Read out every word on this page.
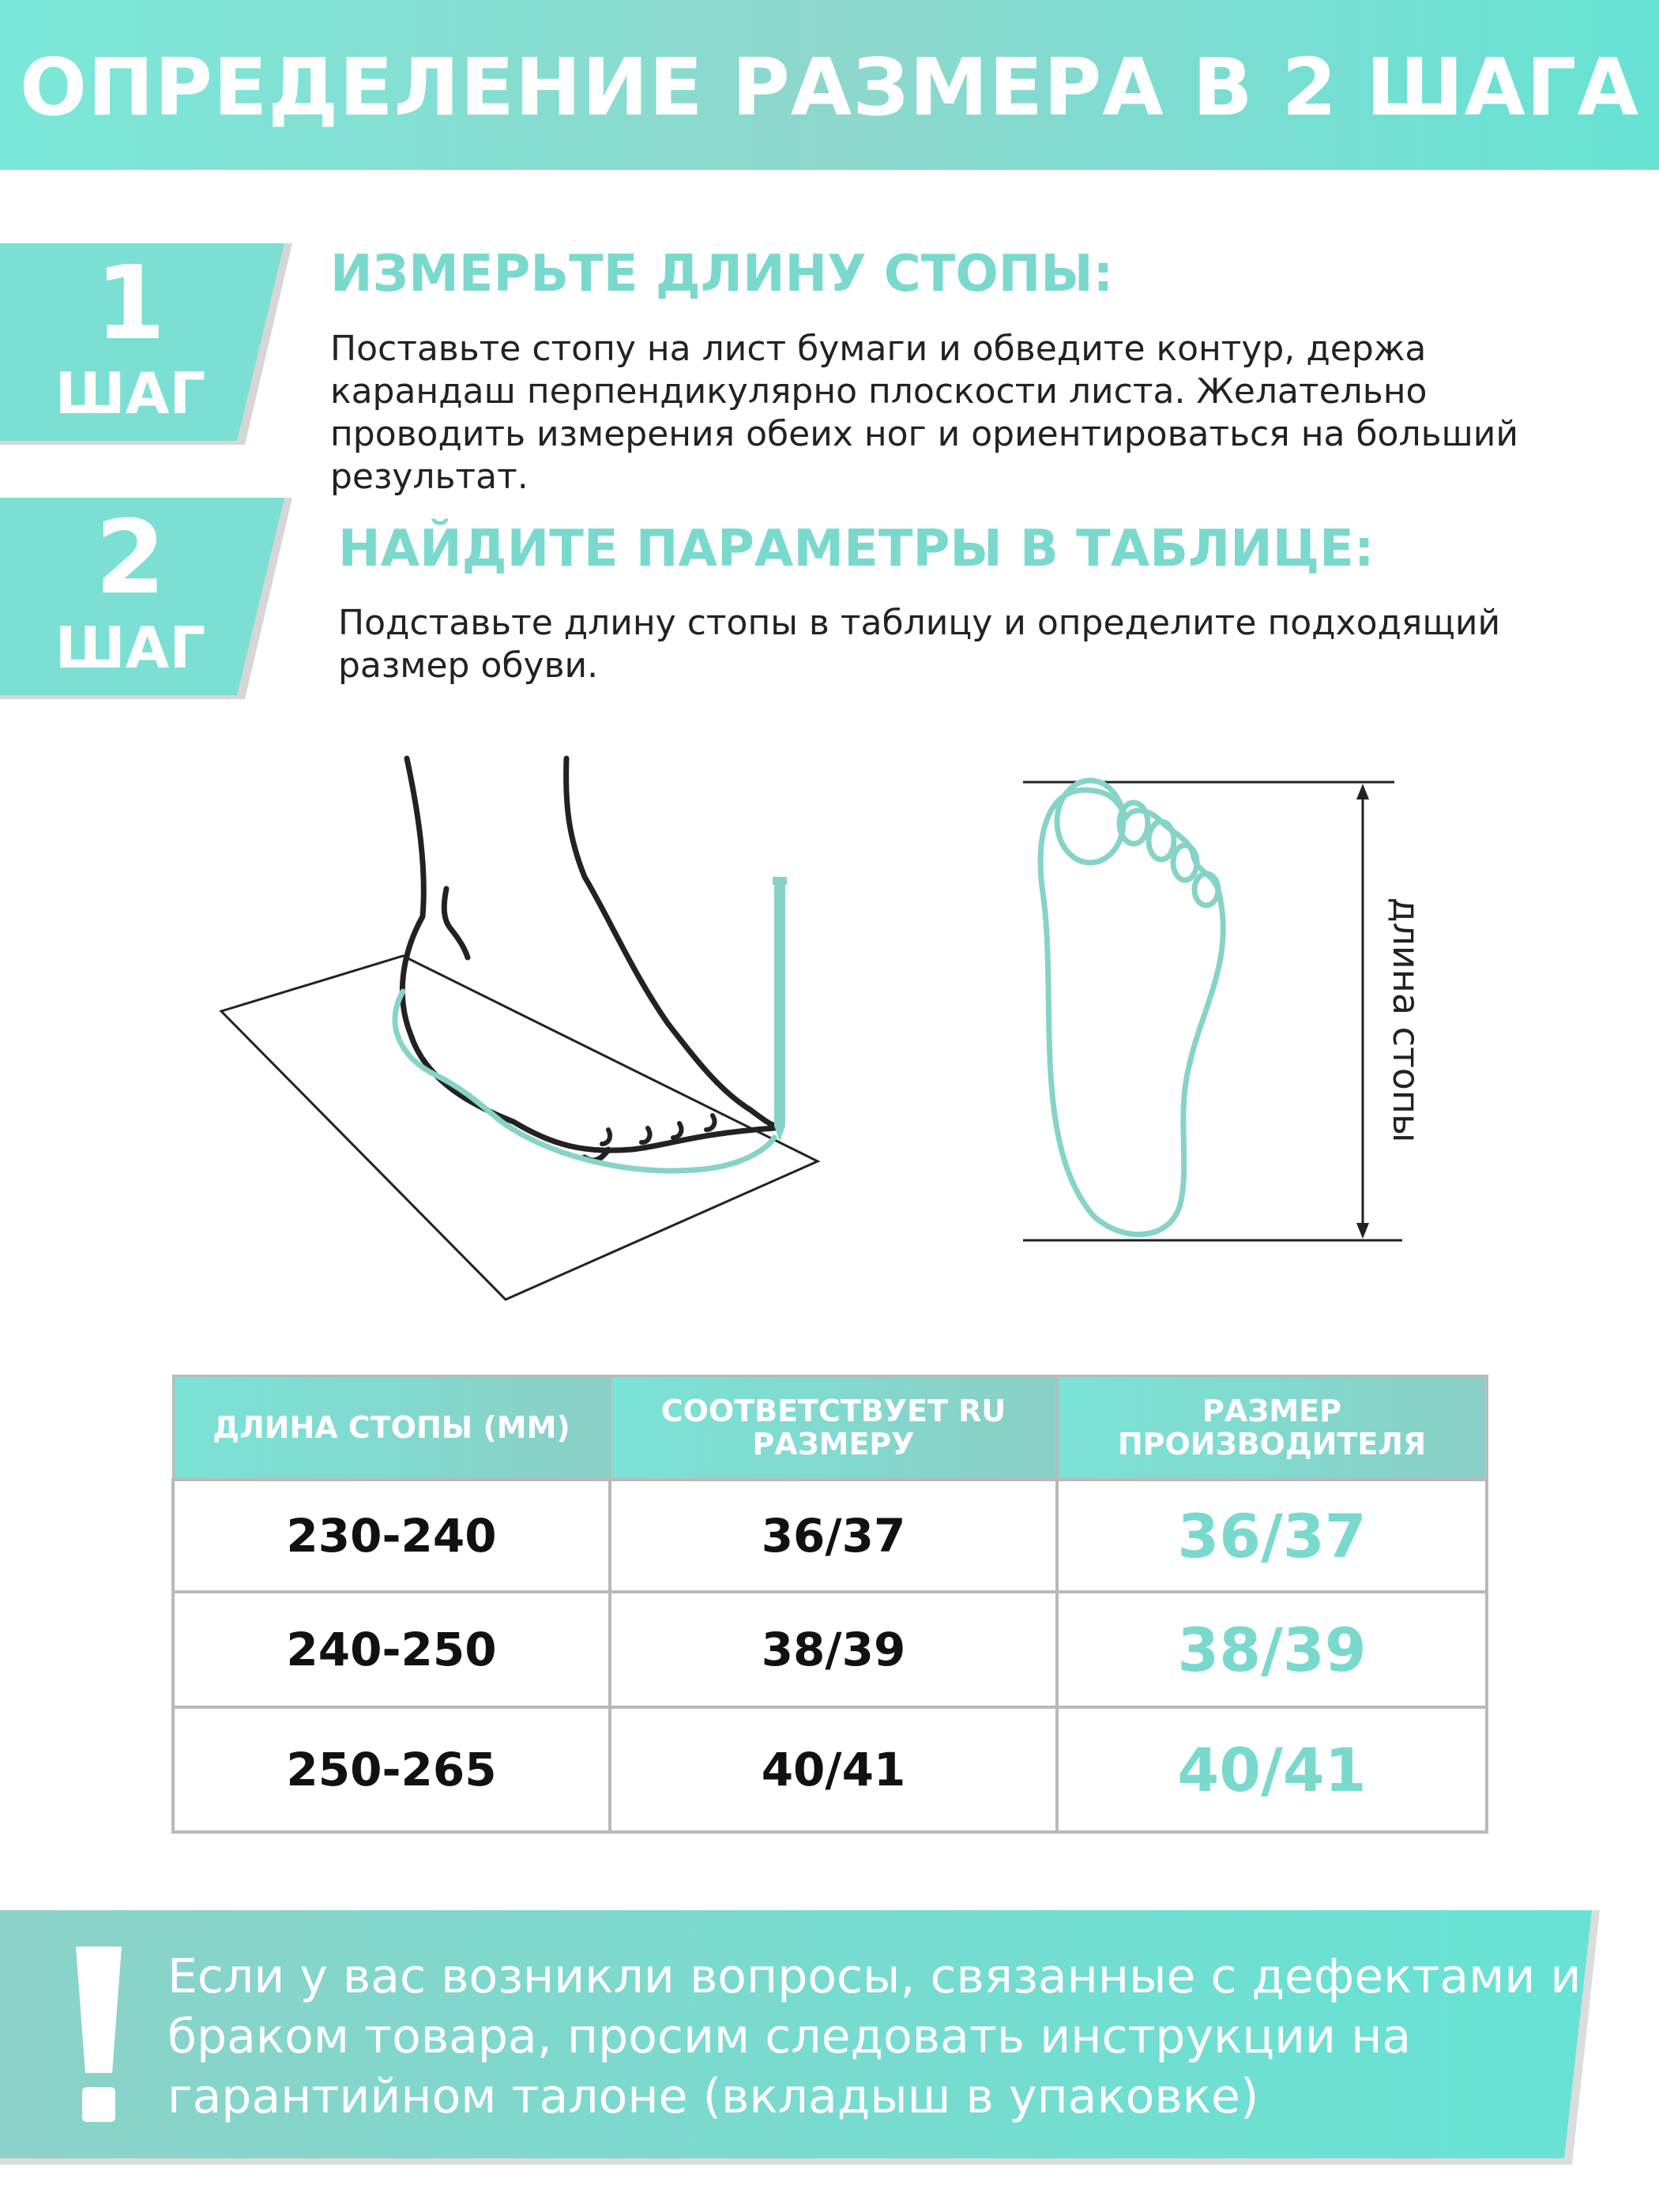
ОПРЕДЕЛЕНИЕ РАЗМЕРА В 2 ШАГА
1
ШАГ
ИЗМЕРЬТЕ ДЛИНУ СТОПЫ:

Поставьте стопу на лист бумаги и обведите контур, держа карандаш перпендикулярно плоскости листа. Желательно проводить измерения обеих ног и ориентироваться на больший результат.

2
ШАГ
НАЙДИТЕ ПАРАМЕТРЫ В ТАБЛИЦЕ:

Подставьте длину стопы в таблицу и определите подходящий размер обуви.

длина стопы
ДЛИНА СТОПЫ (ММ)	СООТВЕТСТВУЕТ RU РАЗМЕРУ	РАЗМЕР ПРОИЗВОДИТЕЛЯ
230-240	36/37	36/37
240-250	38/39	38/39
250-265	40/41	40/41

Если у вас возникли вопросы, связанные с дефектами и браком товара, просим следовать инструкции на гарантийном талоне (вкладыш в упаковке)
